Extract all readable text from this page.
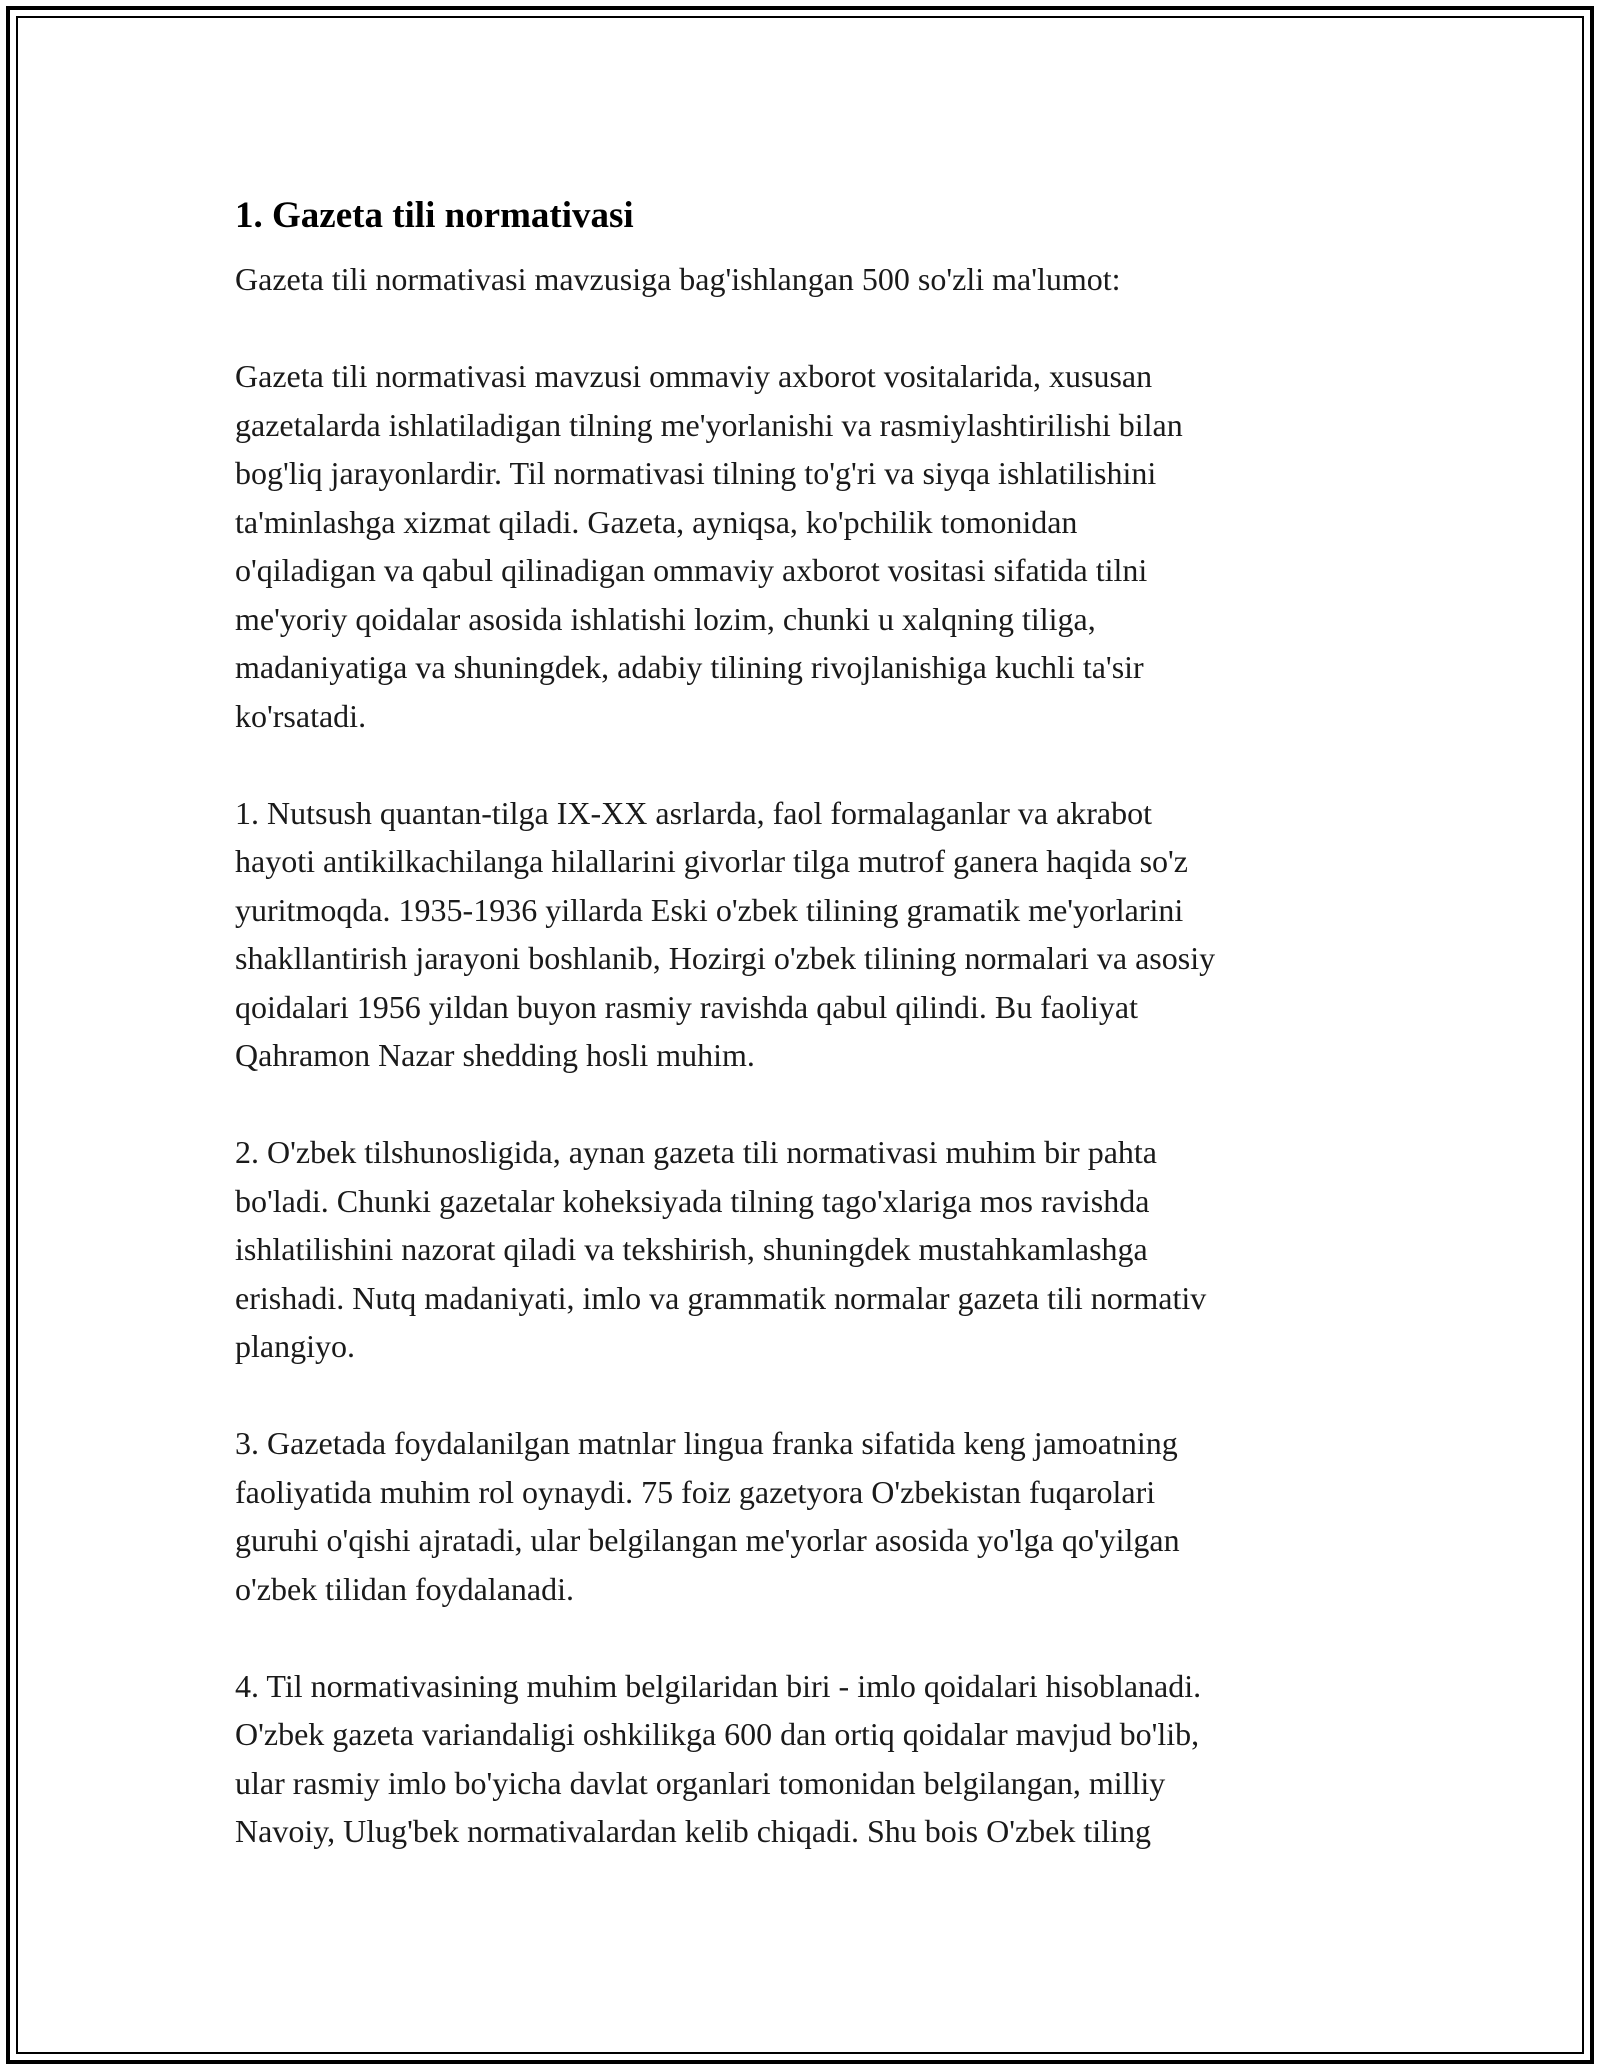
1. Gazeta tili normativasi

Gazeta tili normativasi mavzusiga bag'ishlangan 500 so'zli ma'lumot:

Gazeta tili normativasi mavzusi ommaviy axborot vositalarida, xususan
gazetalarda ishlatiladigan tilning me'yorlanishi va rasmiylashtirilishi bilan
bog'liq jarayonlardir. Til normativasi tilning to'g'ri va siyqa ishlatilishini
ta'minlashga xizmat qiladi. Gazeta, ayniqsa, ko'pchilik tomonidan
o'qiladigan va qabul qilinadigan ommaviy axborot vositasi sifatida tilni
me'yoriy qoidalar asosida ishlatishi lozim, chunki u xalqning tiliga,
madaniyatiga va shuningdek, adabiy tilining rivojlanishiga kuchli ta'sir
ko'rsatadi.

1. Nutsush quantan-tilga IX-XX asrlarda, faol formalaganlar va akrabot
hayoti antikilkachilanga hilallarini givorlar tilga mutrof ganera haqida so'z
yuritmoqda. 1935-1936 yillarda Eski o'zbek tilining gramatik me'yorlarini
shakllantirish jarayoni boshlanib, Hozirgi o'zbek tilining normalari va asosiy
qoidalari 1956 yildan buyon rasmiy ravishda qabul qilindi. Bu faoliyat
Qahramon Nazar shedding hosli muhim.

2. O'zbek tilshunosligida, aynan gazeta tili normativasi muhim bir pahta
bo'ladi. Chunki gazetalar koheksiyada tilning tago'xlariga mos ravishda
ishlatilishini nazorat qiladi va tekshirish, shuningdek mustahkamlashga
erishadi. Nutq madaniyati, imlo va grammatik normalar gazeta tili normativ
plangiyo.

3. Gazetada foydalanilgan matnlar lingua franka sifatida keng jamoatning
faoliyatida muhim rol oynaydi. 75 foiz gazetyora O'zbekistan fuqarolari
guruhi o'qishi ajratadi, ular belgilangan me'yorlar asosida yo'lga qo'yilgan
o'zbek tilidan foydalanadi.

4. Til normativasining muhim belgilaridan biri - imlo qoidalari hisoblanadi.
O'zbek gazeta variandaligi oshkilikga 600 dan ortiq qoidalar mavjud bo'lib,
ular rasmiy imlo bo'yicha davlat organlari tomonidan belgilangan, milliy
Navoiy, Ulug'bek normativalardan kelib chiqadi. Shu bois O'zbek tiling
